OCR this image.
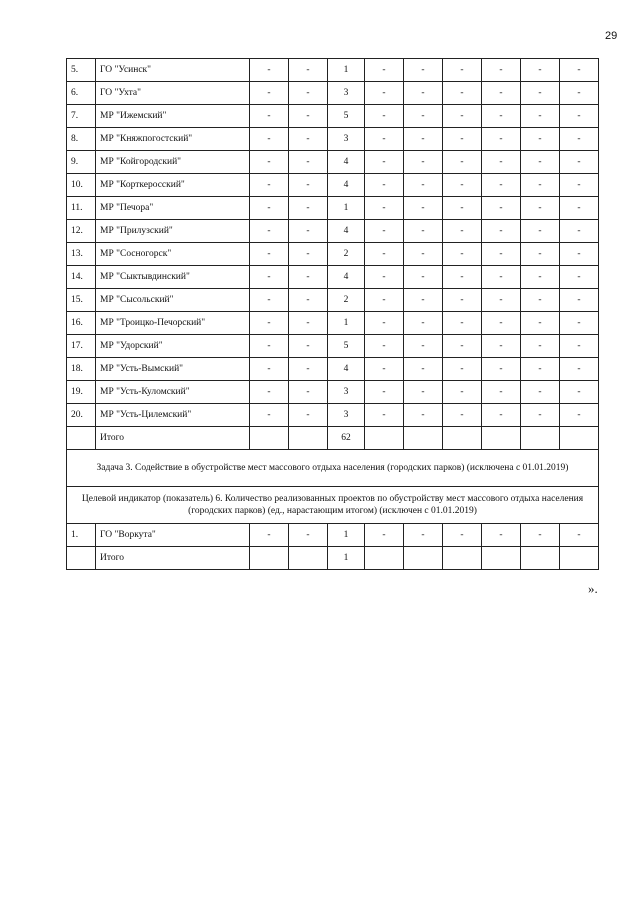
29
5.	ГО "Усинск"	-	-	1	-	-	-	-	-	-
6.	ГО "Ухта"	-	-	3	-	-	-	-	-	-
7.	МР "Ижемский"	-	-	5	-	-	-	-	-	-
8.	МР "Княжпогостский"	-	-	3	-	-	-	-	-	-
9.	МР "Койгородский"	-	-	4	-	-	-	-	-	-
10.	МР "Корткеросский"	-	-	4	-	-	-	-	-	-
11.	МР "Печора"	-	-	1	-	-	-	-	-	-
12.	МР "Прилузский"	-	-	4	-	-	-	-	-	-
13.	МР "Сосногорск"	-	-	2	-	-	-	-	-	-
14.	МР "Сыктывдинский"	-	-	4	-	-	-	-	-	-
15.	МР "Сысольский"	-	-	2	-	-	-	-	-	-
16.	МР "Троицко-Печорский"	-	-	1	-	-	-	-	-	-
17.	МР "Удорский"	-	-	5	-	-	-	-	-	-
18.	МР "Усть-Вымский"	-	-	4	-	-	-	-	-	-
19.	МР "Усть-Куломский"	-	-	3	-	-	-	-	-	-
20.	МР "Усть-Цилемский"	-	-	3	-	-	-	-	-	-
	Итого			62						
Задача 3. Содействие в обустройстве мест массового отдыха населения (городских парков) (исключена с 01.01.2019)										
Целевой индикатор (показатель) 6. Количество реализованных проектов по обустройству мест массового отдыха населения (городских парков) (ед., нарастающим итогом) (исключен с 01.01.2019)										
1.	ГО "Воркута"	-	-	1	-	-	-	-	-	-
	Итого			1						
».
